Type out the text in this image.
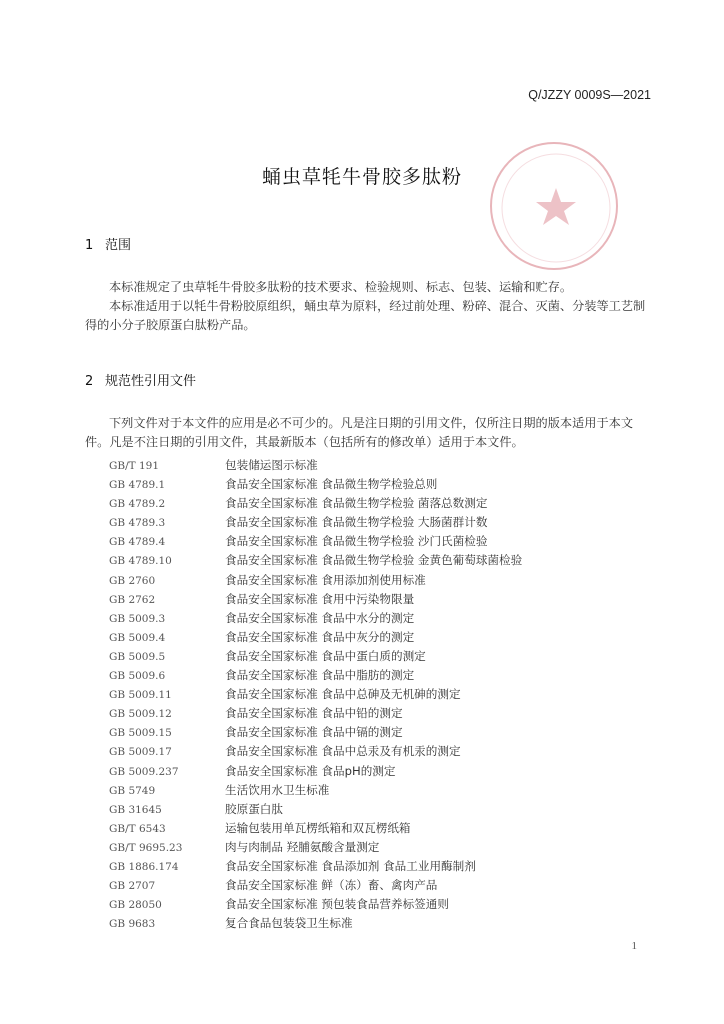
Q/JZZY 0009S—2021
蛹虫草牦牛骨胶多肽粉
1 范围

本标准规定了虫草牦牛骨胶多肽粉的技术要求、检验规则、标志、包装、运输和贮存。

本标准适用于以牦牛骨粉胶原组织，蛹虫草为原料，经过前处理、粉碎、混合、灭菌、分装等工艺制得的小分子胶原蛋白肽粉产品。

2 规范性引用文件

下列文件对于本文件的应用是必不可少的。凡是注日期的引用文件，仅所注日期的版本适用于本文件。凡是不注日期的引用文件，其最新版本（包括所有的修改单）适用于本文件。

GB/T 191	包装储运图示标准
GB 4789.1	食品安全国家标准 食品微生物学检验总则
GB 4789.2	食品安全国家标准 食品微生物学检验 菌落总数测定
GB 4789.3	食品安全国家标准 食品微生物学检验 大肠菌群计数
GB 4789.4	食品安全国家标准 食品微生物学检验 沙门氏菌检验
GB 4789.10	食品安全国家标准 食品微生物学检验 金黄色葡萄球菌检验
GB 2760	食品安全国家标准 食用添加剂使用标准
GB 2762	食品安全国家标准 食用中污染物限量
GB 5009.3	食品安全国家标准 食品中水分的测定
GB 5009.4	食品安全国家标准 食品中灰分的测定
GB 5009.5	食品安全国家标准 食品中蛋白质的测定
GB 5009.6	食品安全国家标准 食品中脂肪的测定
GB 5009.11	食品安全国家标准 食品中总砷及无机砷的测定
GB 5009.12	食品安全国家标准 食品中铅的测定
GB 5009.15	食品安全国家标准 食品中镉的测定
GB 5009.17	食品安全国家标准 食品中总汞及有机汞的测定
GB 5009.237	食品安全国家标准 食品pH的测定
GB 5749	生活饮用水卫生标准
GB 31645	胶原蛋白肽
GB/T 6543	运输包装用单瓦楞纸箱和双瓦楞纸箱
GB/T 9695.23	肉与肉制品 羟脯氨酸含量测定
GB 1886.174	食品安全国家标准 食品添加剂 食品工业用酶制剂
GB 2707	食品安全国家标准 鲜（冻）畜、禽肉产品
GB 28050	食品安全国家标准 预包装食品营养标签通则
GB 9683	复合食品包装袋卫生标准
1
